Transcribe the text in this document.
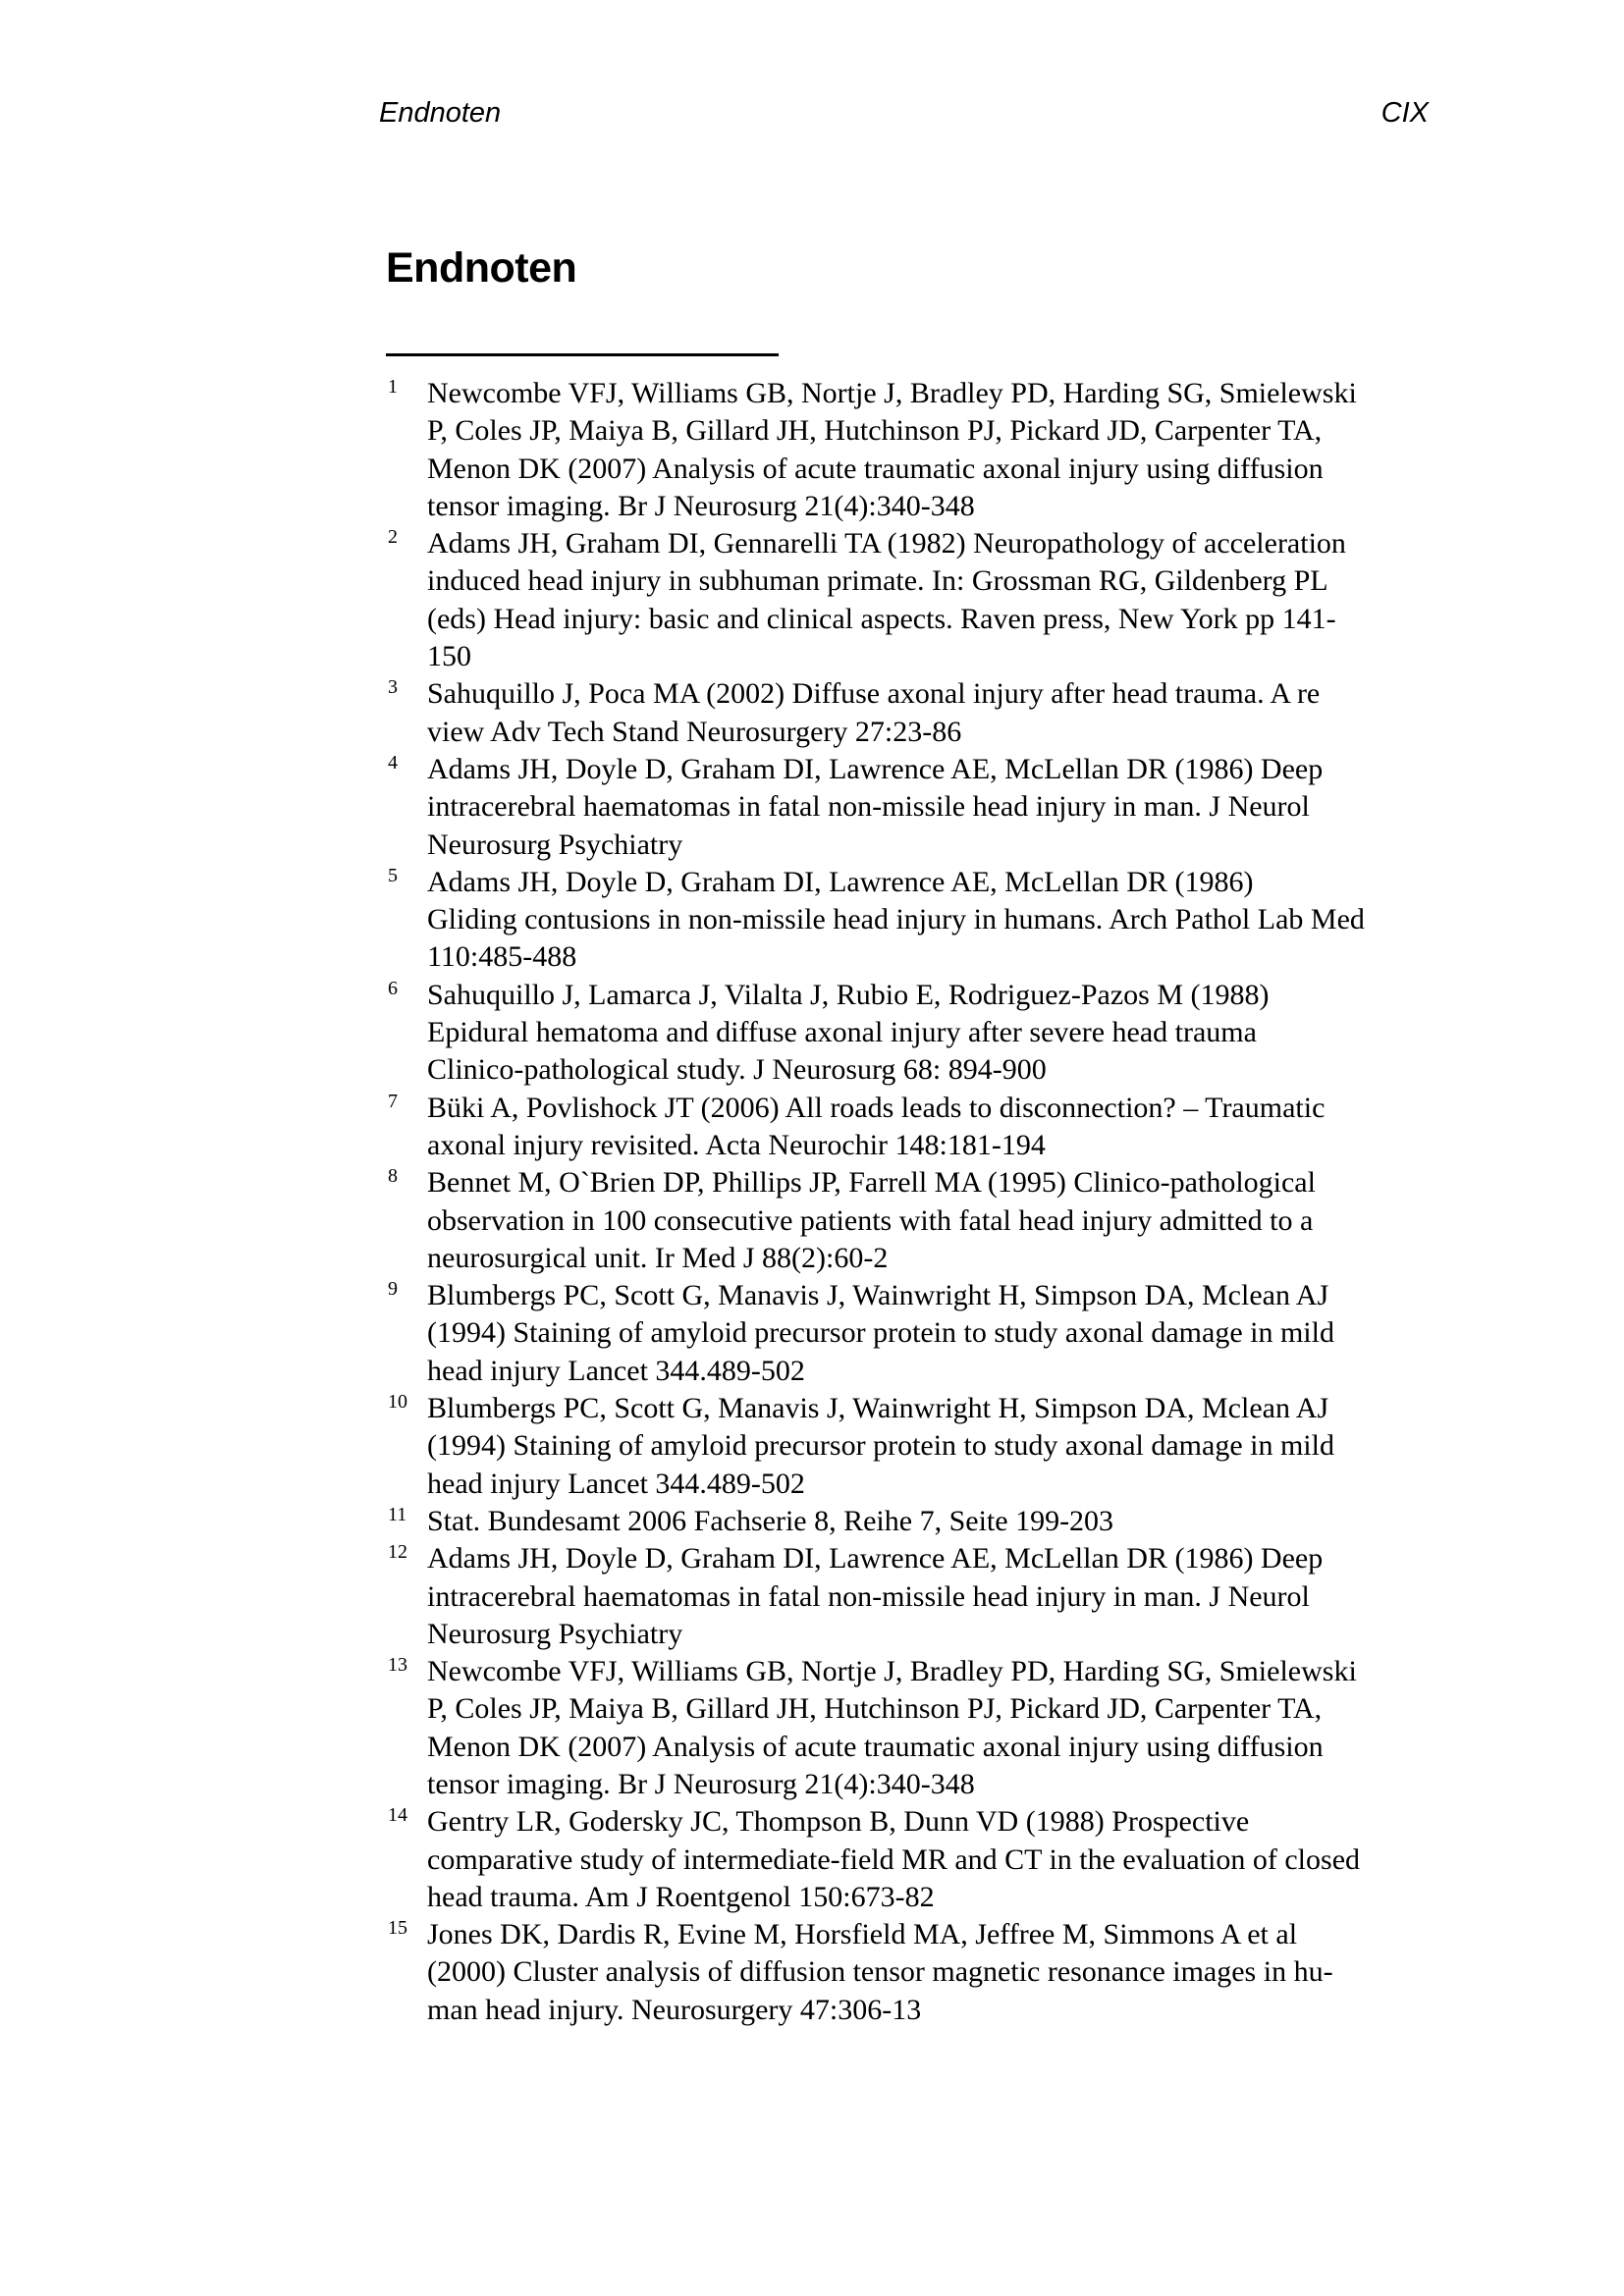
Endnoten	CIX
Endnoten
1 Newcombe VFJ, Williams GB, Nortje J, Bradley PD, Harding SG, Smielewski
P, Coles JP, Maiya B, Gillard JH, Hutchinson PJ, Pickard JD, Carpenter TA,
Menon DK (2007) Analysis of acute traumatic axonal injury using diffusion
tensor imaging. Br J Neurosurg 21(4):340-348
2 Adams JH, Graham DI, Gennarelli TA (1982) Neuropathology of acceleration
induced head injury in subhuman primate. In: Grossman RG, Gildenberg PL
(eds) Head injury: basic and clinical aspects. Raven press, New York pp 141-
150
3 Sahuquillo J, Poca MA (2002) Diffuse axonal injury after head trauma. A re
view Adv Tech Stand Neurosurgery 27:23-86
4 Adams JH, Doyle D, Graham DI, Lawrence AE, McLellan DR (1986) Deep
intracerebral haematomas in fatal non-missile head injury in man. J Neurol
Neurosurg Psychiatry
5 Adams JH, Doyle D, Graham DI, Lawrence AE, McLellan DR (1986)
Gliding contusions in non-missile head injury in humans. Arch Pathol Lab Med
110:485-488
6 Sahuquillo J, Lamarca J, Vilalta J, Rubio E, Rodriguez-Pazos M (1988)
Epidural hematoma and diffuse axonal injury after severe head trauma
Clinico-pathological study. J Neurosurg 68: 894-900
7 Büki A, Povlishock JT (2006) All roads leads to disconnection? – Traumatic
axonal injury revisited. Acta Neurochir 148:181-194
8 Bennet M, O`Brien DP, Phillips JP, Farrell MA (1995) Clinico-pathological
observation in 100 consecutive patients with fatal head injury admitted to a
neurosurgical unit. Ir Med J 88(2):60-2
9 Blumbergs PC, Scott G, Manavis J, Wainwright H, Simpson DA, Mclean AJ
(1994) Staining of amyloid precursor protein to study axonal damage in mild
head injury Lancet 344.489-502
10 Blumbergs PC, Scott G, Manavis J, Wainwright H, Simpson DA, Mclean AJ
(1994) Staining of amyloid precursor protein to study axonal damage in mild
head injury Lancet 344.489-502
11 Stat. Bundesamt 2006 Fachserie 8, Reihe 7, Seite 199-203
12 Adams JH, Doyle D, Graham DI, Lawrence AE, McLellan DR (1986) Deep
intracerebral haematomas in fatal non-missile head injury in man. J Neurol
Neurosurg Psychiatry
13 Newcombe VFJ, Williams GB, Nortje J, Bradley PD, Harding SG, Smielewski
P, Coles JP, Maiya B, Gillard JH, Hutchinson PJ, Pickard JD, Carpenter TA,
Menon DK (2007) Analysis of acute traumatic axonal injury using diffusion
tensor imaging. Br J Neurosurg 21(4):340-348
14 Gentry LR, Godersky JC, Thompson B, Dunn VD (1988) Prospective
comparative study of intermediate-field MR and CT in the evaluation of closed
head trauma. Am J Roentgenol 150:673-82
15 Jones DK, Dardis R, Evine M, Horsfield MA, Jeffree M, Simmons A et al
(2000) Cluster analysis of diffusion tensor magnetic resonance images in hu-
man head injury. Neurosurgery 47:306-13
